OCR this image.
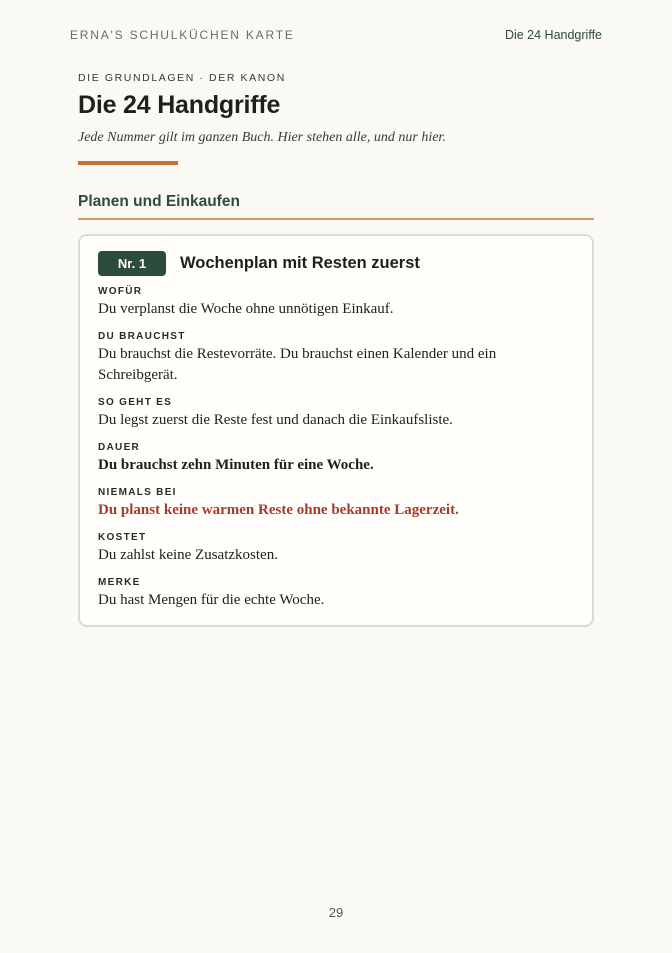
ERNA'S SCHULKÜCHEN KARTE	Die 24 Handgriffe

DIE GRUNDLAGEN · DER KANON

Die 24 Handgriffe

Jede Nummer gilt im ganzen Buch. Hier stehen alle, und nur hier.

Planen und Einkaufen
Nr. 1	Wochenplan mit Resten zuerst
WOFÜR
Du verplanst die Woche ohne unnötigen Einkauf.
DU BRAUCHST
Du brauchst die Restevorräte. Du brauchst einen Kalender und ein Schreibgerät.
SO GEHT ES
Du legst zuerst die Reste fest und danach die Einkaufsliste.
DAUER
Du brauchst zehn Minuten für eine Woche.
NIEMALS BEI
Du planst keine warmen Reste ohne bekannte Lagerzeit.
KOSTET
Du zahlst keine Zusatzkosten.
MERKE
Du hast Mengen für die echte Woche.
29
